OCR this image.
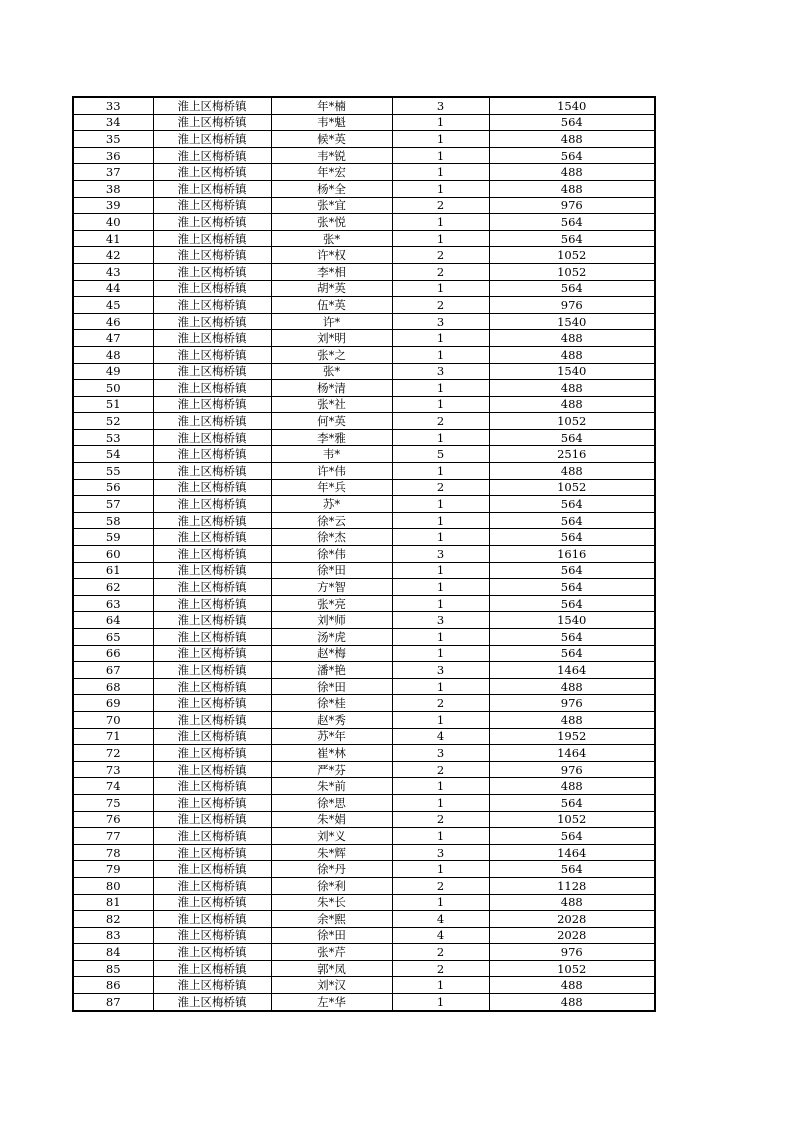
33	淮上区梅桥镇	年*楠	3	1540
34	淮上区梅桥镇	韦*魁	1	564
35	淮上区梅桥镇	候*英	1	488
36	淮上区梅桥镇	韦*锐	1	564
37	淮上区梅桥镇	年*宏	1	488
38	淮上区梅桥镇	杨*全	1	488
39	淮上区梅桥镇	张*宜	2	976
40	淮上区梅桥镇	张*悦	1	564
41	淮上区梅桥镇	张*	1	564
42	淮上区梅桥镇	许*权	2	1052
43	淮上区梅桥镇	李*相	2	1052
44	淮上区梅桥镇	胡*英	1	564
45	淮上区梅桥镇	伍*英	2	976
46	淮上区梅桥镇	许*	3	1540
47	淮上区梅桥镇	刘*明	1	488
48	淮上区梅桥镇	张*之	1	488
49	淮上区梅桥镇	张*	3	1540
50	淮上区梅桥镇	杨*清	1	488
51	淮上区梅桥镇	张*社	1	488
52	淮上区梅桥镇	何*英	2	1052
53	淮上区梅桥镇	李*雅	1	564
54	淮上区梅桥镇	韦*	5	2516
55	淮上区梅桥镇	许*伟	1	488
56	淮上区梅桥镇	年*兵	2	1052
57	淮上区梅桥镇	苏*	1	564
58	淮上区梅桥镇	徐*云	1	564
59	淮上区梅桥镇	徐*杰	1	564
60	淮上区梅桥镇	徐*伟	3	1616
61	淮上区梅桥镇	徐*田	1	564
62	淮上区梅桥镇	方*智	1	564
63	淮上区梅桥镇	张*亮	1	564
64	淮上区梅桥镇	刘*师	3	1540
65	淮上区梅桥镇	汤*虎	1	564
66	淮上区梅桥镇	赵*梅	1	564
67	淮上区梅桥镇	潘*艳	3	1464
68	淮上区梅桥镇	徐*田	1	488
69	淮上区梅桥镇	徐*桂	2	976
70	淮上区梅桥镇	赵*秀	1	488
71	淮上区梅桥镇	苏*年	4	1952
72	淮上区梅桥镇	崔*林	3	1464
73	淮上区梅桥镇	严*芬	2	976
74	淮上区梅桥镇	朱*前	1	488
75	淮上区梅桥镇	徐*思	1	564
76	淮上区梅桥镇	朱*娟	2	1052
77	淮上区梅桥镇	刘*义	1	564
78	淮上区梅桥镇	朱*辉	3	1464
79	淮上区梅桥镇	徐*丹	1	564
80	淮上区梅桥镇	徐*利	2	1128
81	淮上区梅桥镇	朱*长	1	488
82	淮上区梅桥镇	余*熙	4	2028
83	淮上区梅桥镇	徐*田	4	2028
84	淮上区梅桥镇	张*芹	2	976
85	淮上区梅桥镇	郭*凤	2	1052
86	淮上区梅桥镇	刘*汉	1	488
87	淮上区梅桥镇	左*华	1	488
